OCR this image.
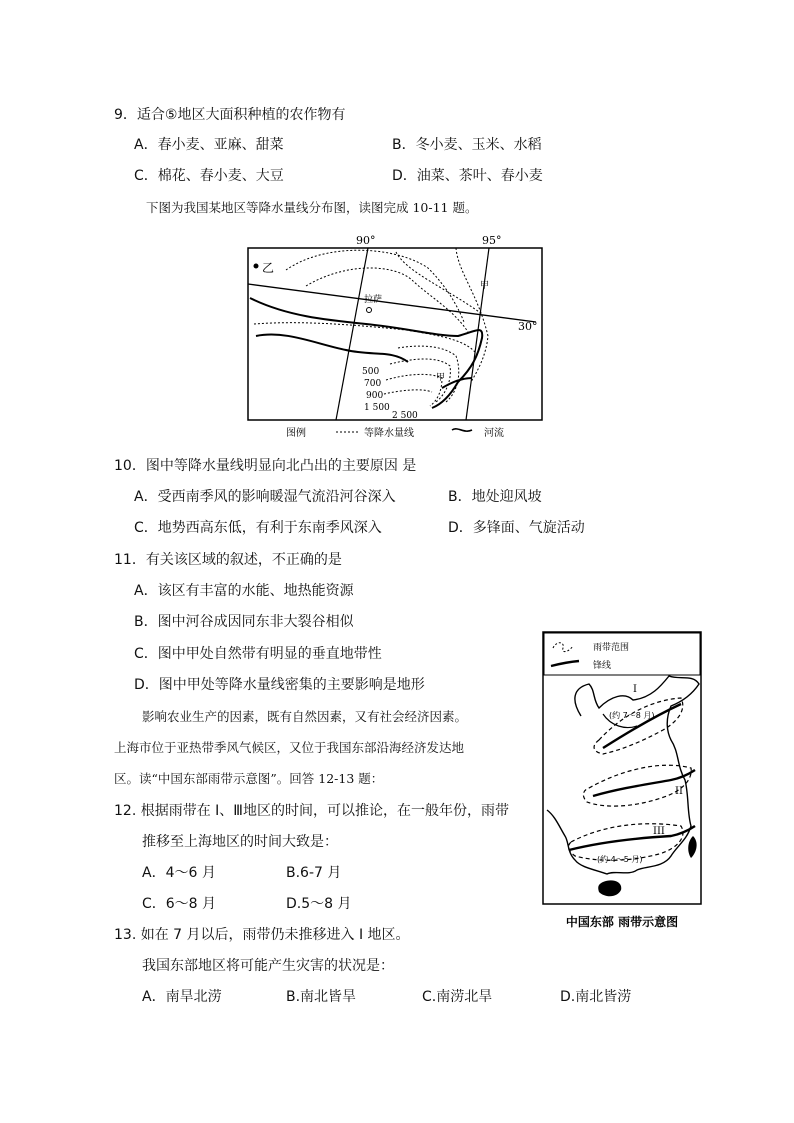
9．适合⑤地区大面积种植的农作物有
A．春小麦、亚麻、甜菜	B．冬小麦、玉米、水稻
C．棉花、春小麦、大豆	D．油菜、茶叶、春小麦
下图为我国某地区等降水量线分布图，读图完成 10-11 题。
乙
90°	95°
30°
拉萨
甲
甲
500
700
900
1 500
2 500
图例	等降水量线	河流
10．图中等降水量线明显向北凸出的主要原因 是
A．受西南季风的影响暖湿气流沿河谷深入	B．地处迎风坡
C．地势西高东低，有利于东南季风深入	D．多锋面、气旋活动
11．有关该区域的叙述，不正确的是
A．该区有丰富的水能、地热能资源
B．图中河谷成因同东非大裂谷相似
C．图中甲处自然带有明显的垂直地带性
D．图中甲处等降水量线密集的主要影响是地形
影响农业生产的因素，既有自然因素，又有社会经济因素。
上海市位于亚热带季风气候区，又位于我国东部沿海经济发达地
区。读“中国东部雨带示意图”。回答 12-13 题：
雨带范围
锋线
I
(约 7～8 月)
II
III
(约 4～5 月)
中国东部 雨带示意图
12. 根据雨带在 I、Ⅲ地区的时间，可以推论，在一般年份，雨带
推移至上海地区的时间大致是：
A．4～6 月	B.6-7 月
C．6～8 月	D.5～8 月
13. 如在 7 月以后，雨带仍未推移进入 I 地区。
我国东部地区将可能产生灾害的状况是：
A．南旱北涝	B.南北皆旱	C.南涝北旱	D.南北皆涝
